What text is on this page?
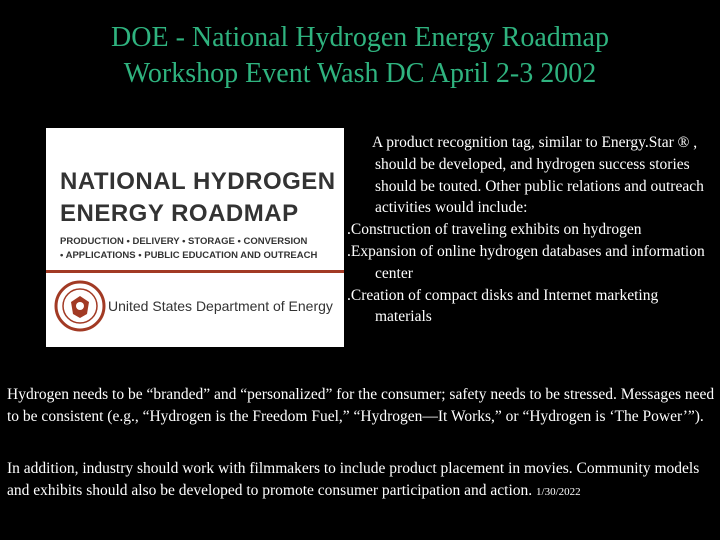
DOE - National Hydrogen Energy Roadmap
Workshop Event Wash DC April 2-3 2002
NATIONAL HYDROGEN
ENERGY ROADMAP
PRODUCTION • DELIVERY • STORAGE • CONVERSION
• APPLICATIONS • PUBLIC EDUCATION AND OUTREACH
United States Department of Energy

A product recognition tag, similar to Energy.Star ® , should be developed, and hydrogen success stories should be touted. Other public relations and outreach activities would include:

.Construction of traveling exhibits on hydrogen

.Expansion of online hydrogen databases and information center

.Creation of compact disks and Internet marketing materials

Hydrogen needs to be “branded” and “personalized” for the consumer; safety needs to be stressed. Messages need to be consistent (e.g., “Hydrogen is the Freedom Fuel,” “Hydrogen—It Works,” or “Hydrogen is ‘The Power’”).

In addition, industry should work with filmmakers to include product placement in movies. Community models and exhibits should also be developed to promote consumer participation and action. 1/30/2022
